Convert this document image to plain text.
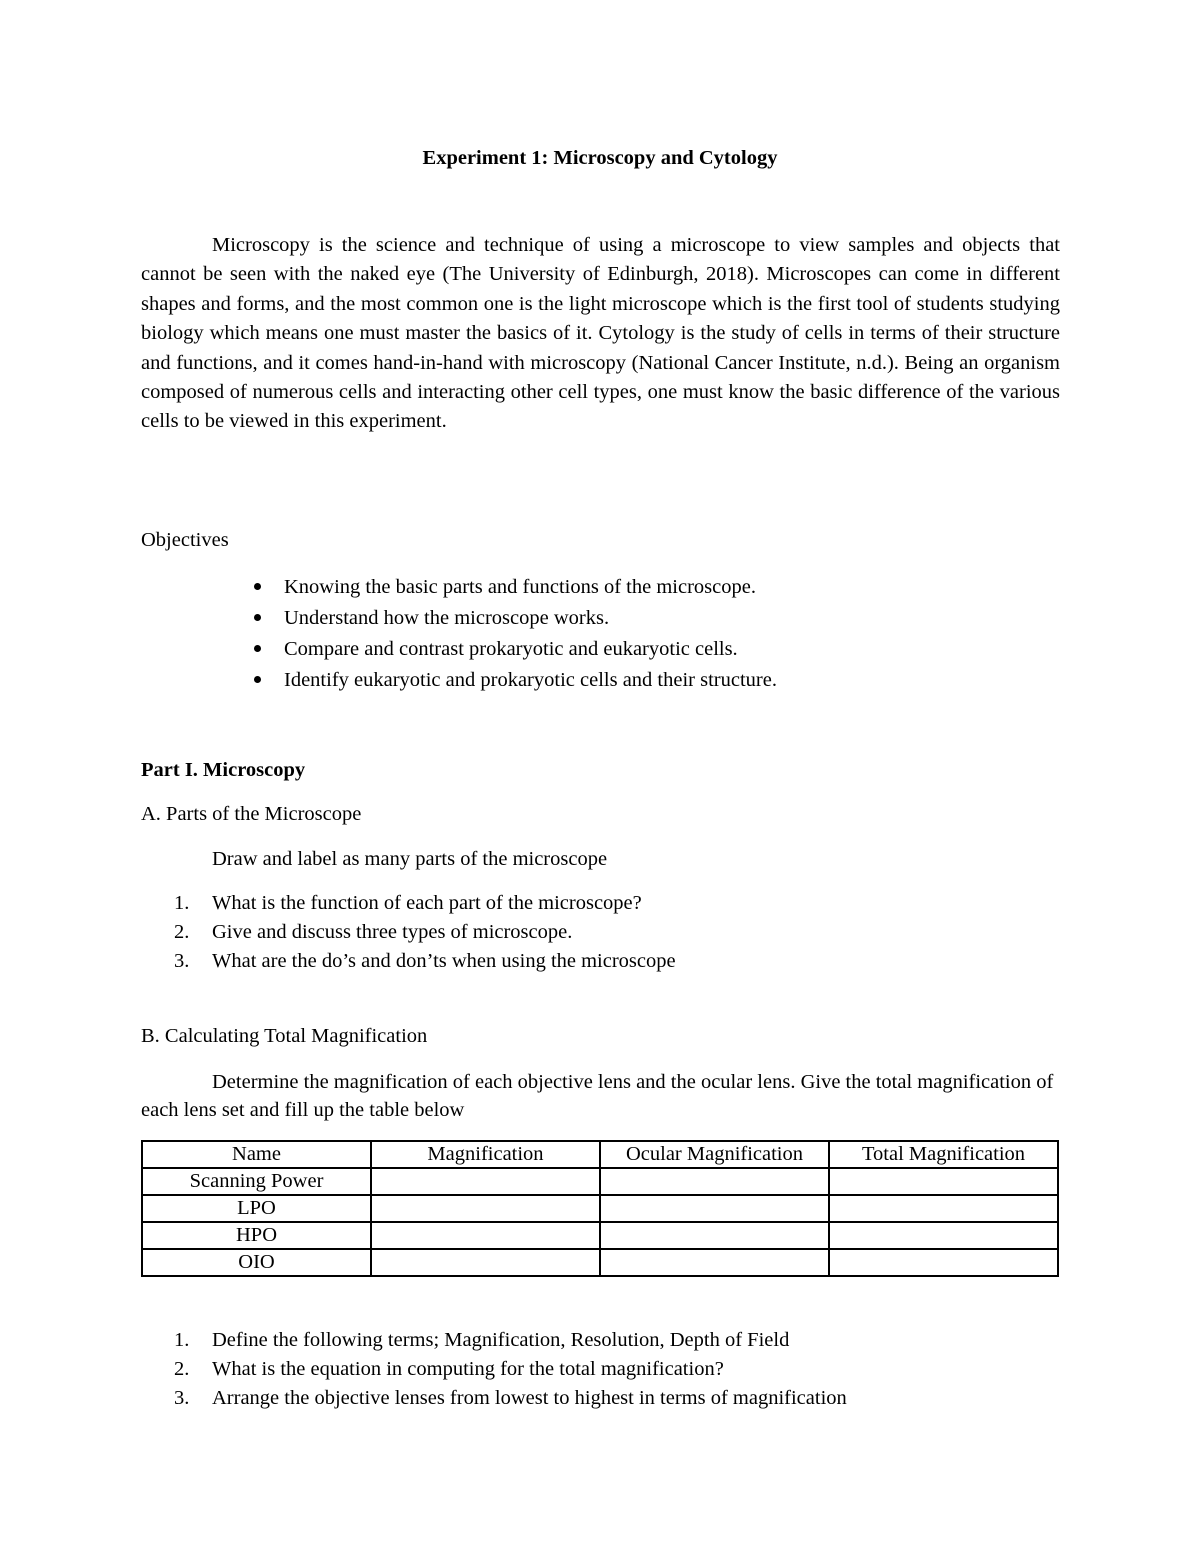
Experiment 1: Microscopy and Cytology

Microscopy is the science and technique of using a microscope to view samples and objects that cannot be seen with the naked eye (The University of Edinburgh, 2018). Microscopes can come in different shapes and forms, and the most common one is the light microscope which is the first tool of students studying biology which means one must master the basics of it. Cytology is the study of cells in terms of their structure and functions, and it comes hand-in-hand with microscopy (National Cancer Institute, n.d.). Being an organism composed of numerous cells and interacting other cell types, one must know the basic difference of the various cells to be viewed in this experiment.

Objectives

Knowing the basic parts and functions of the microscope.
Understand how the microscope works.
Compare and contrast prokaryotic and eukaryotic cells.
Identify eukaryotic and prokaryotic cells and their structure.

Part I. Microscopy

A. Parts of the Microscope

Draw and label as many parts of the microscope

1. What is the function of each part of the microscope?
2. Give and discuss three types of microscope.
3. What are the do’s and don’ts when using the microscope

B. Calculating Total Magnification

Determine the magnification of each objective lens and the ocular lens. Give the total magnification of each lens set and fill up the table below

Name	Magnification	Ocular Magnification	Total Magnification
Scanning Power			
LPO			
HPO			
OIO			
1. Define the following terms; Magnification, Resolution, Depth of Field
2. What is the equation in computing for the total magnification?
3. Arrange the objective lenses from lowest to highest in terms of magnification
